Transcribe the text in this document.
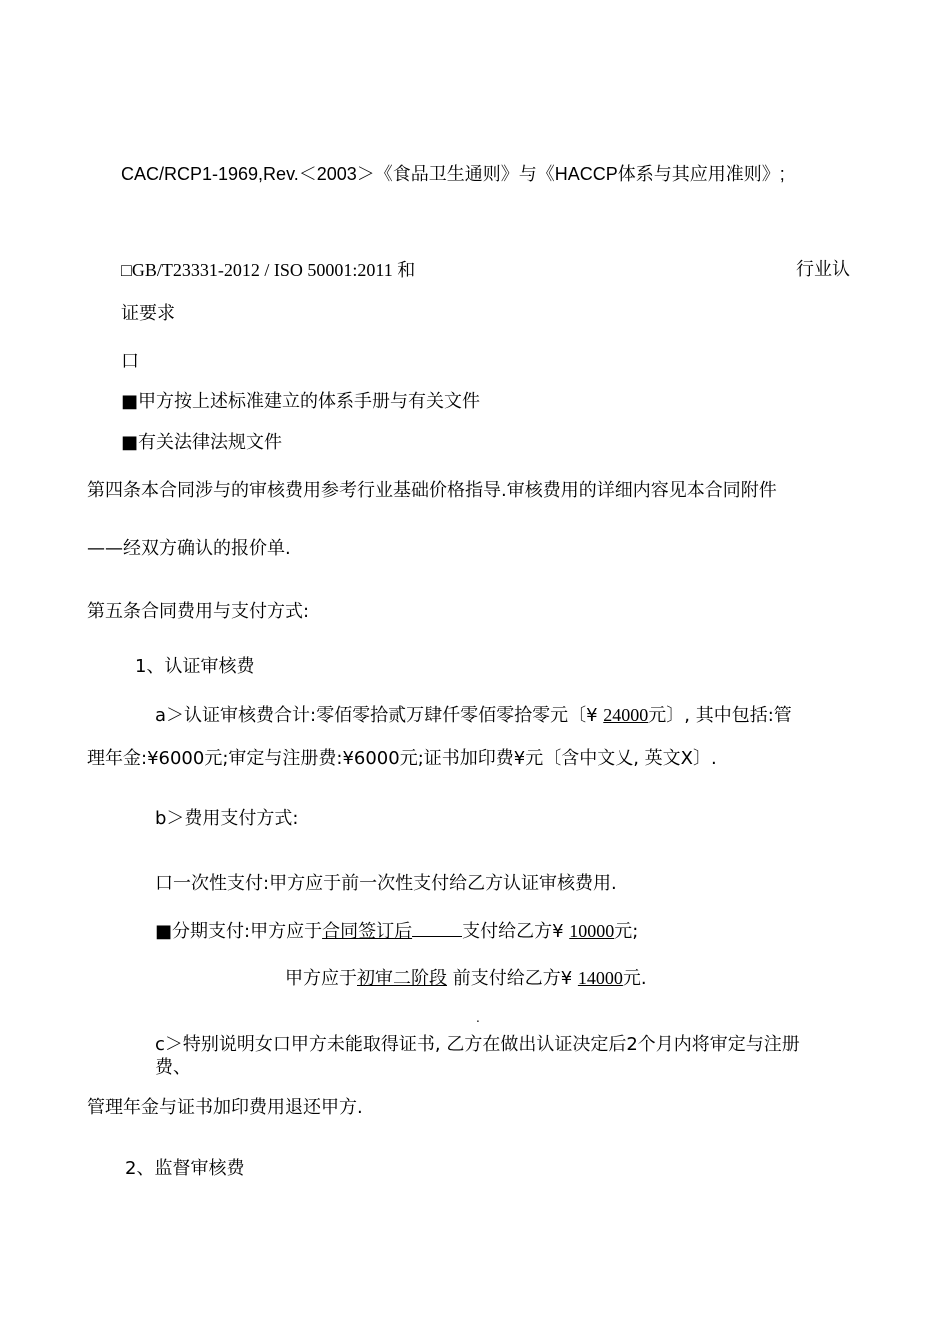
CAC/RCP1-1969,Rev.＜2003＞《食品卫生通则》与《HACCP体系与其应用准则》;
□GB/T23331-2012 / ISO 50001:2011 和	行业认
证要求
口
■甲方按上述标准建立的体系手册与有关文件
■有关法律法规文件
第四条本合同涉与的审核费用参考行业基础价格指导.审核费用的详细内容见本合同附件
——经双方确认的报价单.
第五条合同费用与支付方式:
1、认证审核费
a＞认证审核费合计:零佰零拾贰万肆仟零佰零拾零元〔¥ 24000元〕, 其中包括:管
理年金:¥6000元;审定与注册费:¥6000元;证书加印费¥元〔含中文乂, 英文X〕.
b＞费用支付方式:
口一次性支付:甲方应于前一次性支付给乙方认证审核费用.
■分期支付:甲方应于合同签订后	支付给乙方¥ 10000元;
甲方应于初审二阶段 前支付给乙方¥ 14000元.
.
c＞特别说明女口甲方未能取得证书, 乙方在做出认证决定后2个月内将审定与注册
费、
管理年金与证书加印费用退还甲方.
2、监督审核费
